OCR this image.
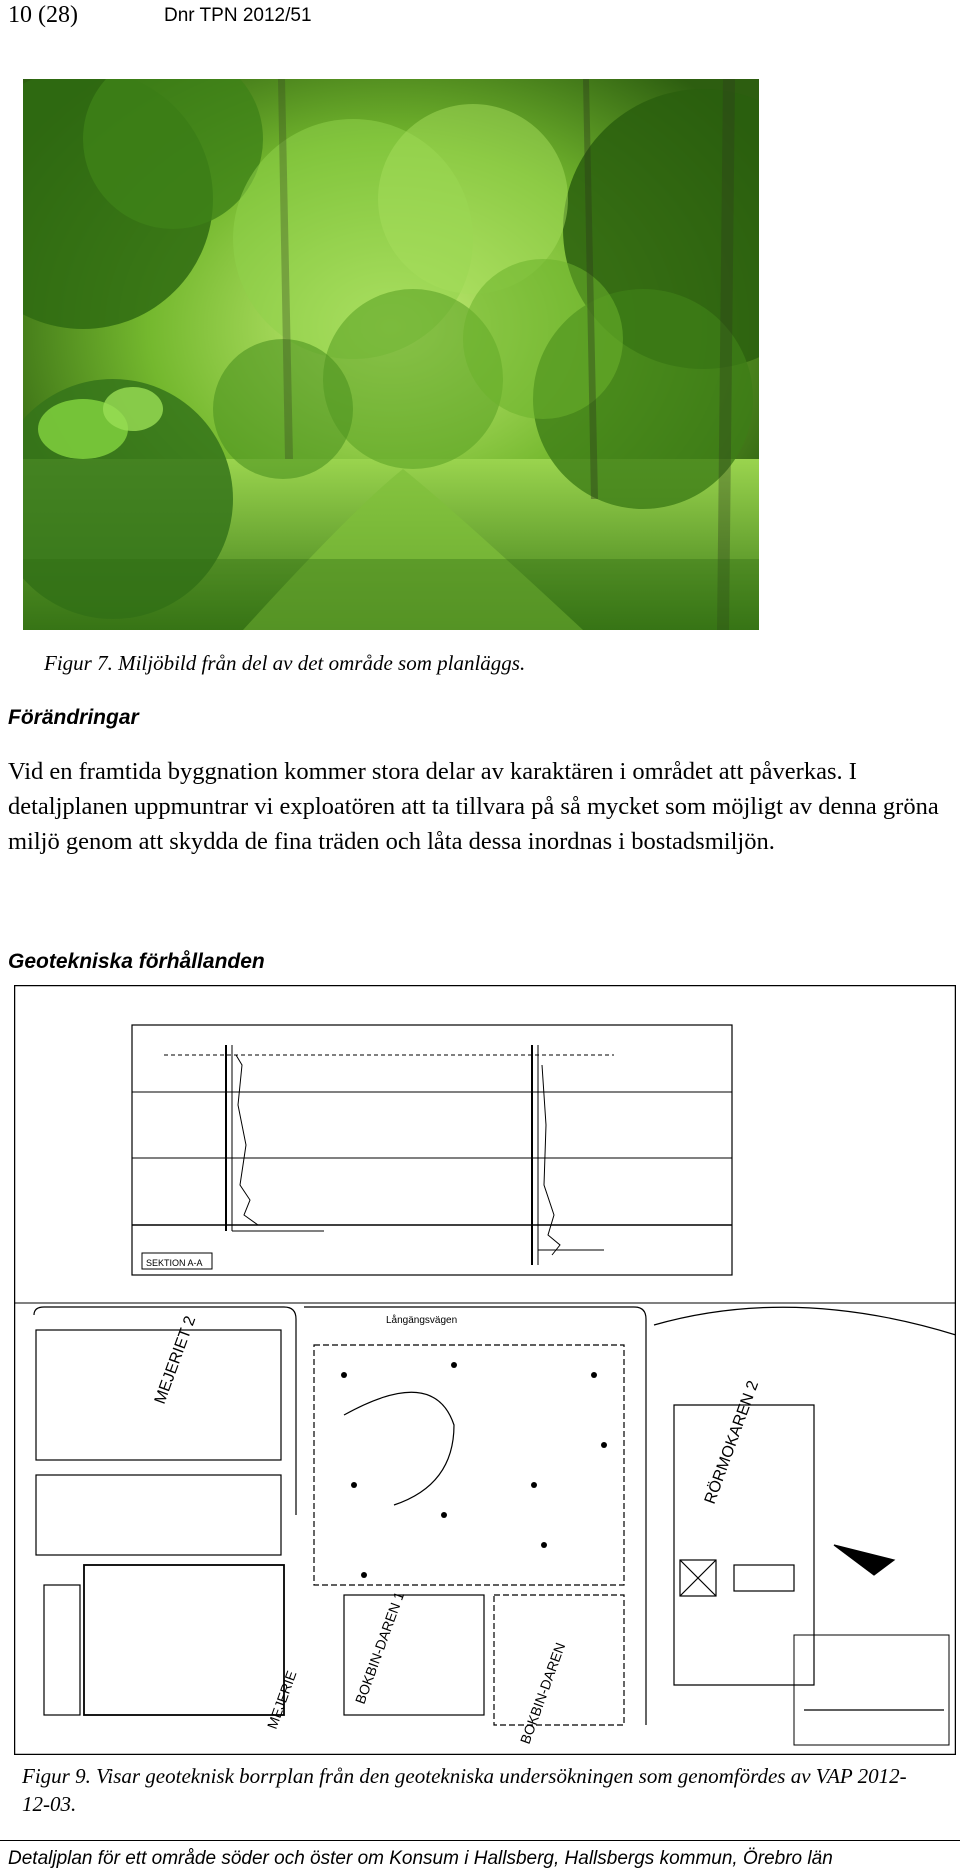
10 (28)	Dnr TPN 2012/51
Figur 7. Miljöbild från del av det område som planläggs.
Förändringar
Vid en framtida byggnation kommer stora delar av karaktären i området att påverkas. I detaljplanen uppmuntrar vi exploatören att ta tillvara på så mycket som möjligt av denna gröna miljö genom att skydda de fina träden och låta dessa inordnas i bostadsmiljön.
Geotekniska förhållanden
SEKTION A-A
Långängsvägen
MEJERIET 2
RÖRMOKAREN 2
BOKBIN-DAREN 1	BOKBIN-DAREN
MEJERIE
Figur 9. Visar geoteknisk borrplan från den geotekniska undersökningen som genomfördes av VAP 2012-12-03.
Detaljplan för ett område söder och öster om Konsum i Hallsberg, Hallsbergs kommun, Örebro län
